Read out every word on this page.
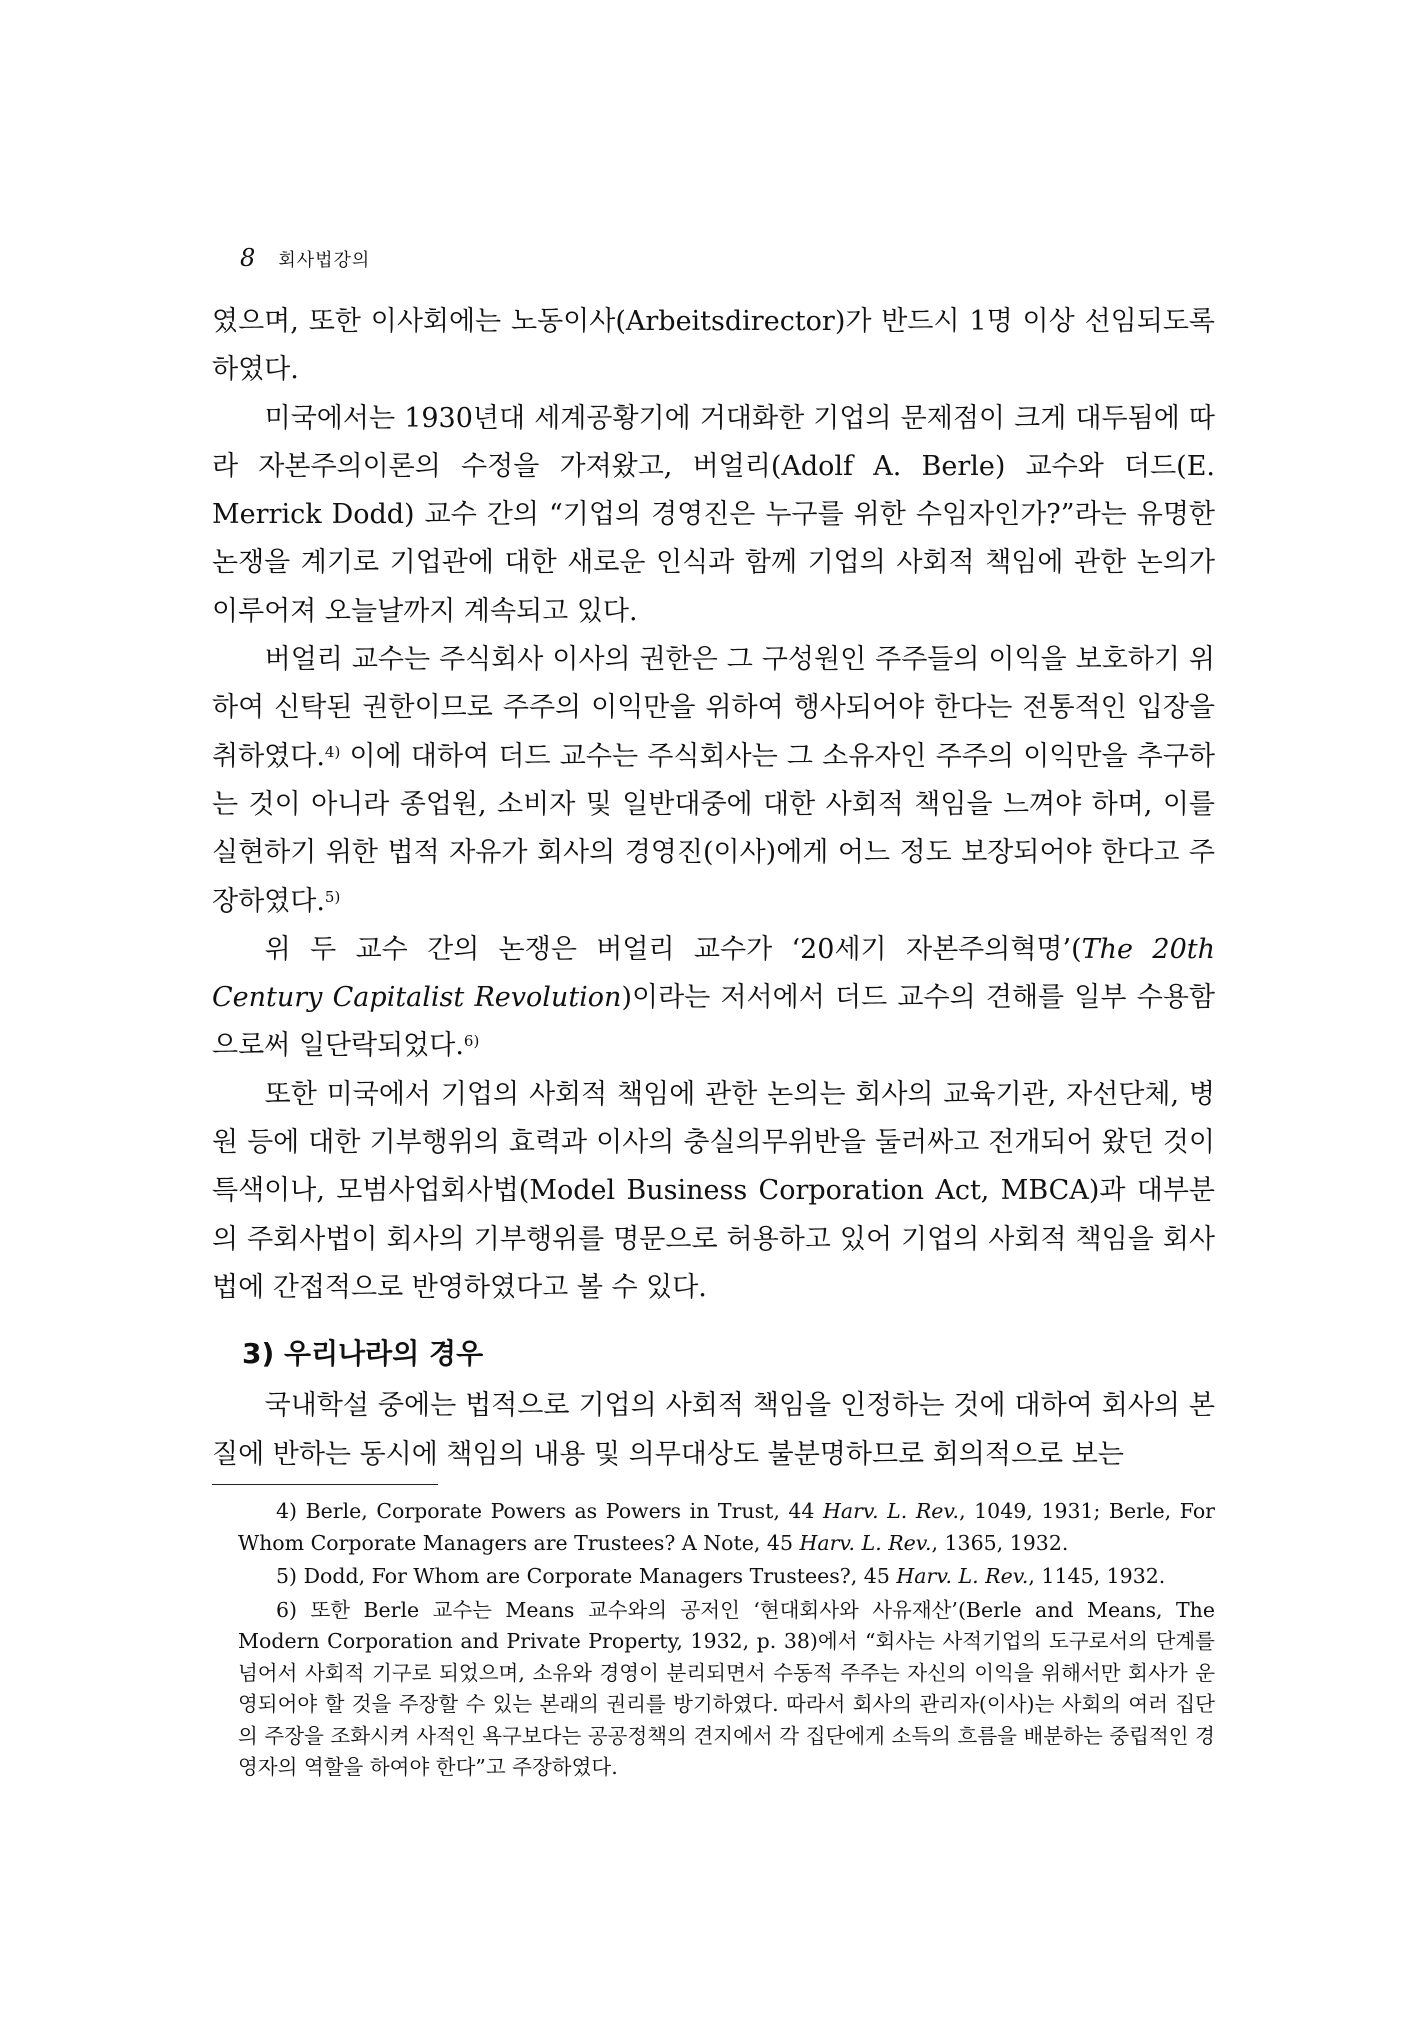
8 회사법강의

였으며, 또한 이사회에는 노동이사(Arbeitsdirector)가 반드시 1명 이상 선임되도록 하였다.

미국에서는 1930년대 세계공황기에 거대화한 기업의 문제점이 크게 대두됨에 따라 자본주의이론의 수정을 가져왔고, 버얼리(Adolf A. Berle) 교수와 더드(E. Merrick Dodd) 교수 간의 “기업의 경영진은 누구를 위한 수임자인가?”라는 유명한 논쟁을 계기로 기업관에 대한 새로운 인식과 함께 기업의 사회적 책임에 관한 논의가 이루어져 오늘날까지 계속되고 있다.

버얼리 교수는 주식회사 이사의 권한은 그 구성원인 주주들의 이익을 보호하기 위하여 신탁된 권한이므로 주주의 이익만을 위하여 행사되어야 한다는 전통적인 입장을 취하였다.$^{4)}$ 이에 대하여 더드 교수는 주식회사는 그 소유자인 주주의 이익만을 추구하는 것이 아니라 종업원, 소비자 및 일반대중에 대한 사회적 책임을 느껴야 하며, 이를 실현하기 위한 법적 자유가 회사의 경영진(이사)에게 어느 정도 보장되어야 한다고 주장하였다.$^{5)}$

위 두 교수 간의 논쟁은 버얼리 교수가 ‘20세기 자본주의혁명’(The 20th Century Capitalist Revolution)이라는 저서에서 더드 교수의 견해를 일부 수용함으로써 일단락되었다.$^{6)}$

또한 미국에서 기업의 사회적 책임에 관한 논의는 회사의 교육기관, 자선단체, 병원 등에 대한 기부행위의 효력과 이사의 충실의무위반을 둘러싸고 전개되어 왔던 것이 특색이나, 모범사업회사법(Model Business Corporation Act, MBCA)과 대부분의 주회사법이 회사의 기부행위를 명문으로 허용하고 있어 기업의 사회적 책임을 회사법에 간접적으로 반영하였다고 볼 수 있다.

3) 우리나라의 경우

국내학설 중에는 법적으로 기업의 사회적 책임을 인정하는 것에 대하여 회사의 본질에 반하는 동시에 책임의 내용 및 의무대상도 불분명하므로 회의적으로 보는

4) Berle, Corporate Powers as Powers in Trust, 44 Harv. L. Rev., 1049, 1931; Berle, For Whom Corporate Managers are Trustees? A Note, 45 Harv. L. Rev., 1365, 1932.

5) Dodd, For Whom are Corporate Managers Trustees?, 45 Harv. L. Rev., 1145, 1932.

6) 또한 Berle 교수는 Means 교수와의 공저인 ‘현대회사와 사유재산’(Berle and Means, The Modern Corporation and Private Property, 1932, p. 38)에서 “회사는 사적기업의 도구로서의 단계를 넘어서 사회적 기구로 되었으며, 소유와 경영이 분리되면서 수동적 주주는 자신의 이익을 위해서만 회사가 운영되어야 할 것을 주장할 수 있는 본래의 권리를 방기하였다. 따라서 회사의 관리자(이사)는 사회의 여러 집단의 주장을 조화시켜 사적인 욕구보다는 공공정책의 견지에서 각 집단에게 소득의 흐름을 배분하는 중립적인 경영자의 역할을 하여야 한다”고 주장하였다.
